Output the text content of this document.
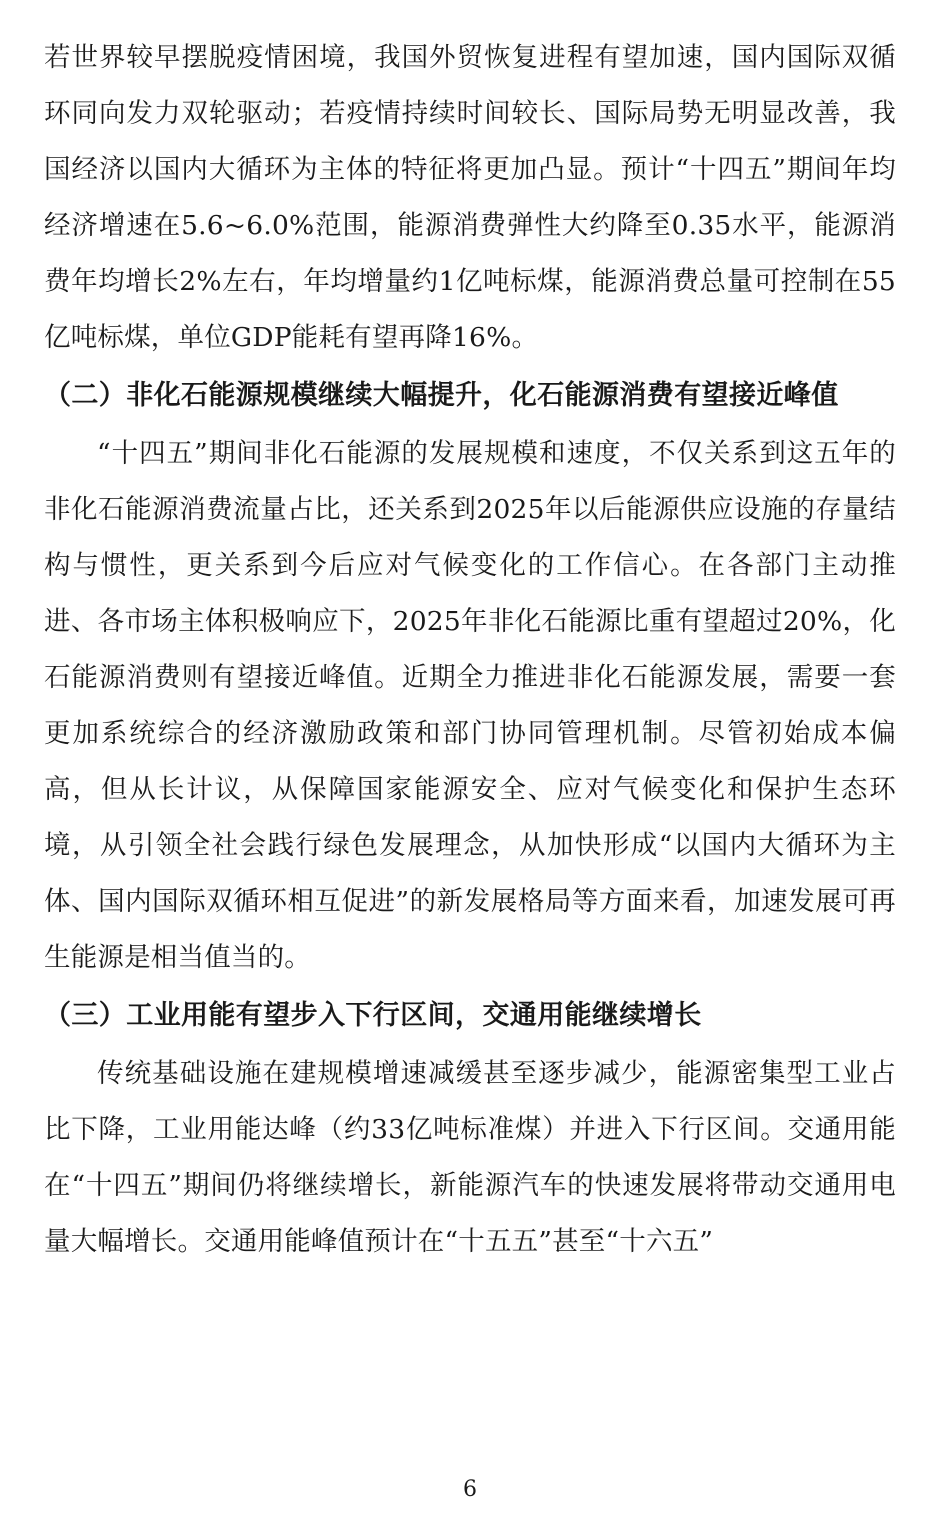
若世界较早摆脱疫情困境，我国外贸恢复进程有望加速，国内国际双循环同向发力双轮驱动；若疫情持续时间较长、国际局势无明显改善，我国经济以国内大循环为主体的特征将更加凸显。预计“十四五”期间年均经济增速在5.6~6.0%范围，能源消费弹性大约降至0.35水平，能源消费年均增长2%左右，年均增量约1亿吨标煤，能源消费总量可控制在55亿吨标煤，单位GDP能耗有望再降16%。

（二）非化石能源规模继续大幅提升，化石能源消费有望接近峰值

“十四五”期间非化石能源的发展规模和速度，不仅关系到这五年的非化石能源消费流量占比，还关系到2025年以后能源供应设施的存量结构与惯性，更关系到今后应对气候变化的工作信心。在各部门主动推进、各市场主体积极响应下，2025年非化石能源比重有望超过20%，化石能源消费则有望接近峰值。近期全力推进非化石能源发展，需要一套更加系统综合的经济激励政策和部门协同管理机制。尽管初始成本偏高，但从长计议，从保障国家能源安全、应对气候变化和保护生态环境，从引领全社会践行绿色发展理念，从加快形成“以国内大循环为主体、国内国际双循环相互促进”的新发展格局等方面来看，加速发展可再生能源是相当值当的。

（三）工业用能有望步入下行区间，交通用能继续增长

传统基础设施在建规模增速减缓甚至逐步减少，能源密集型工业占比下降，工业用能达峰（约33亿吨标准煤）并进入下行区间。交通用能在“十四五”期间仍将继续增长，新能源汽车的快速发展将带动交通用电量大幅增长。交通用能峰值预计在“十五五”甚至“十六五”

6
